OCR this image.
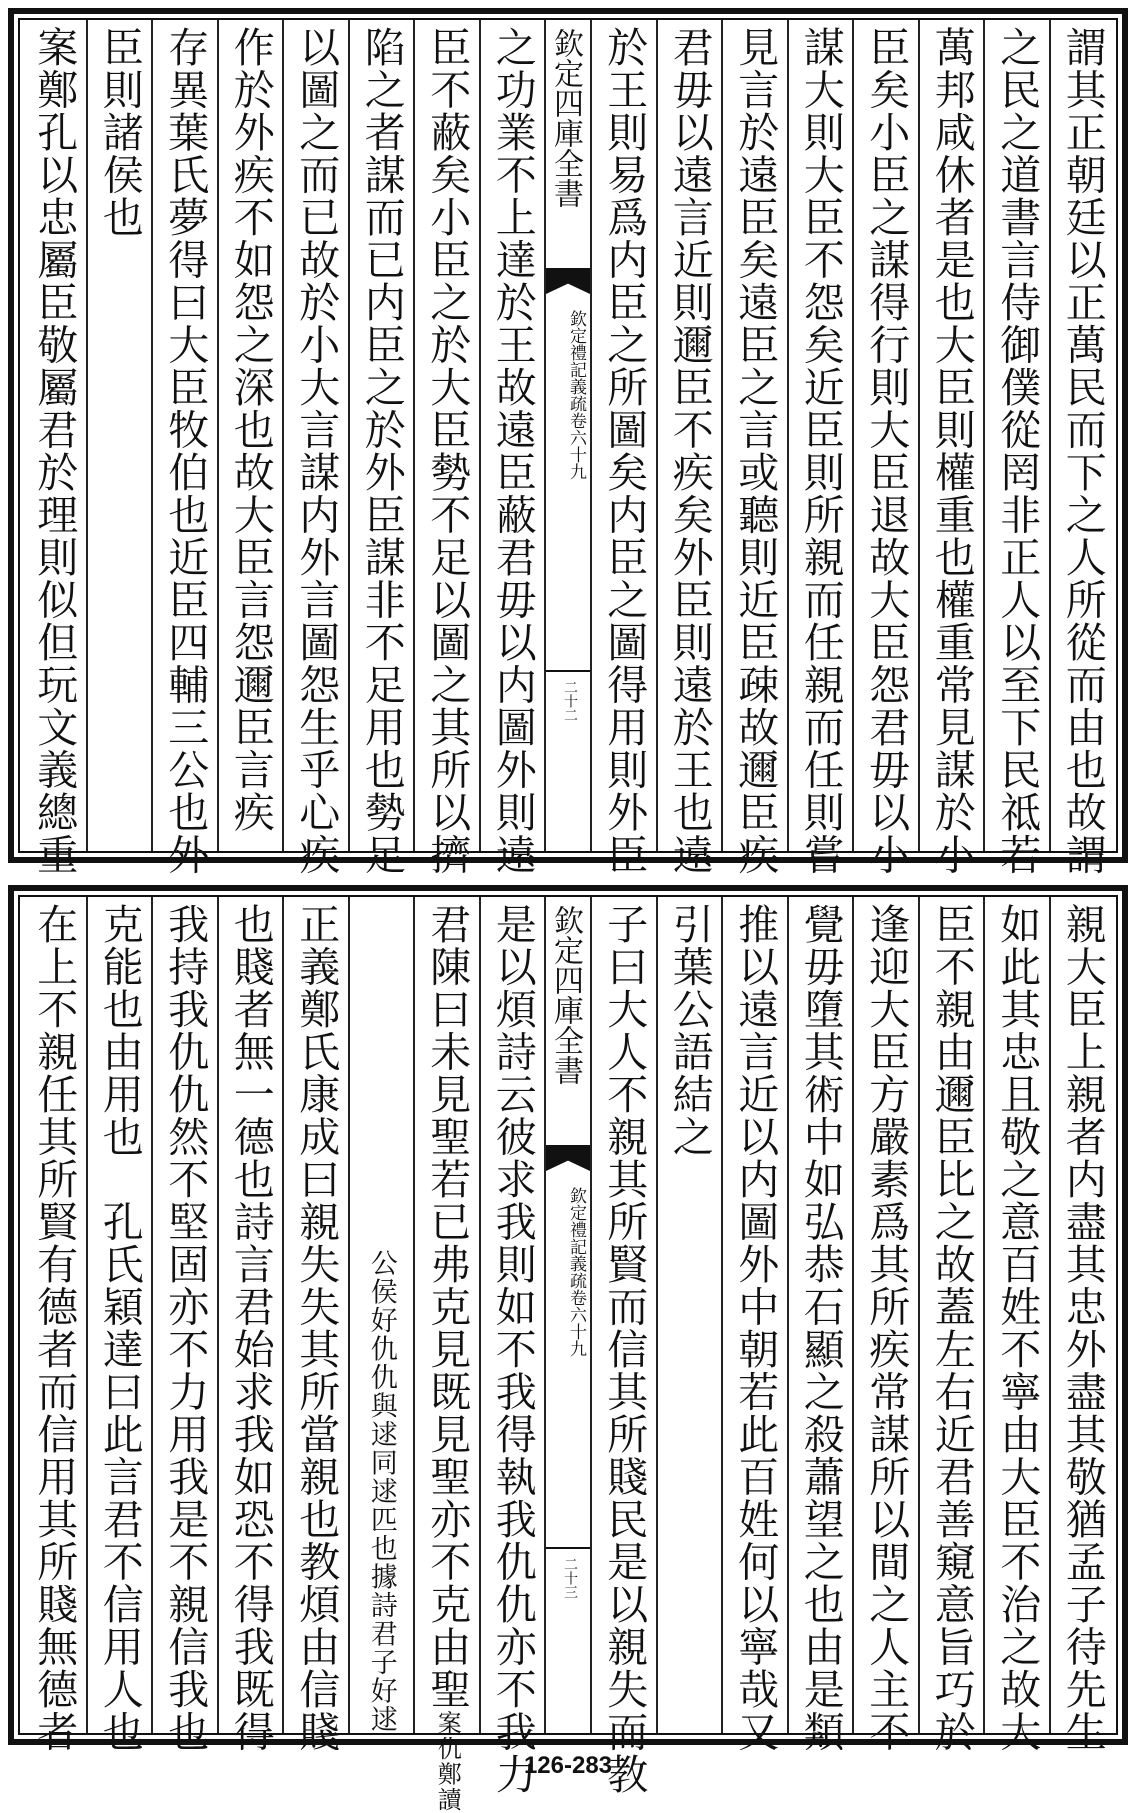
謂其正朝廷以正萬民而下之人所從而由也故謂
之民之道書言侍御僕從罔非正人以至下民祗若
萬邦咸休者是也大臣則權重也權重常見謀於小
臣矣小臣之謀得行則大臣退故大臣怨君毋以小
謀大則大臣不怨矣近臣則所親而任親而任則嘗
見言於遠臣矣遠臣之言或聽則近臣疎故邇臣疾
君毋以遠言近則邇臣不疾矣外臣則遠於王也遠
於王則易爲内臣之所圖矣内臣之圖得用則外臣
欽定四庫全書
欽定禮記義疏卷六十九
二十二
之功業不上達於王故遠臣蔽君毋以内圖外則遠
臣不蔽矣小臣之於大臣勢不足以圖之其所以擠
陷之者謀而已内臣之於外臣謀非不足用也勢足
以圖之而已故於小大言謀内外言圖怨生乎心疾
作於外疾不如怨之深也故大臣言怨邇臣言疾
存異葉氏夢得曰大臣牧伯也近臣四輔三公也外
臣則諸侯也
案鄭孔以忠屬臣敬屬君於理則似但玩文義總重
親大臣上親者内盡其忠外盡其敬猶孟子待先生
如此其忠且敬之意百姓不寧由大臣不治之故大
臣不親由邇臣比之故蓋左右近君善窺意旨巧於
逢迎大臣方嚴素爲其所疾常謀所以間之人主不
覺毋墮其術中如弘恭石顯之殺蕭望之也由是類
推以遠言近以内圖外中朝若此百姓何以寧哉又
引葉公語結之
子曰大人不親其所賢而信其所賤民是以親失而教
欽定四庫全書
欽定禮記義疏卷六十九
二十三
是以煩詩云彼求我則如不我得執我仇仇亦不我力
君陳曰未見聖若已弗克見既見聖亦不克由聖案仇鄭讀
逑匹也據詩君子好逑
公侯好仇仇與逑同
正義鄭氏康成曰親失失其所當親也教煩由信賤
也賤者無一德也詩言君始求我如恐不得我既得
我持我仇仇然不堅固亦不力用我是不親信我也
克能也由用也　孔氏穎達曰此言君不信用人也
在上不親任其所賢有德者而信用其所賤無德者
126-283
